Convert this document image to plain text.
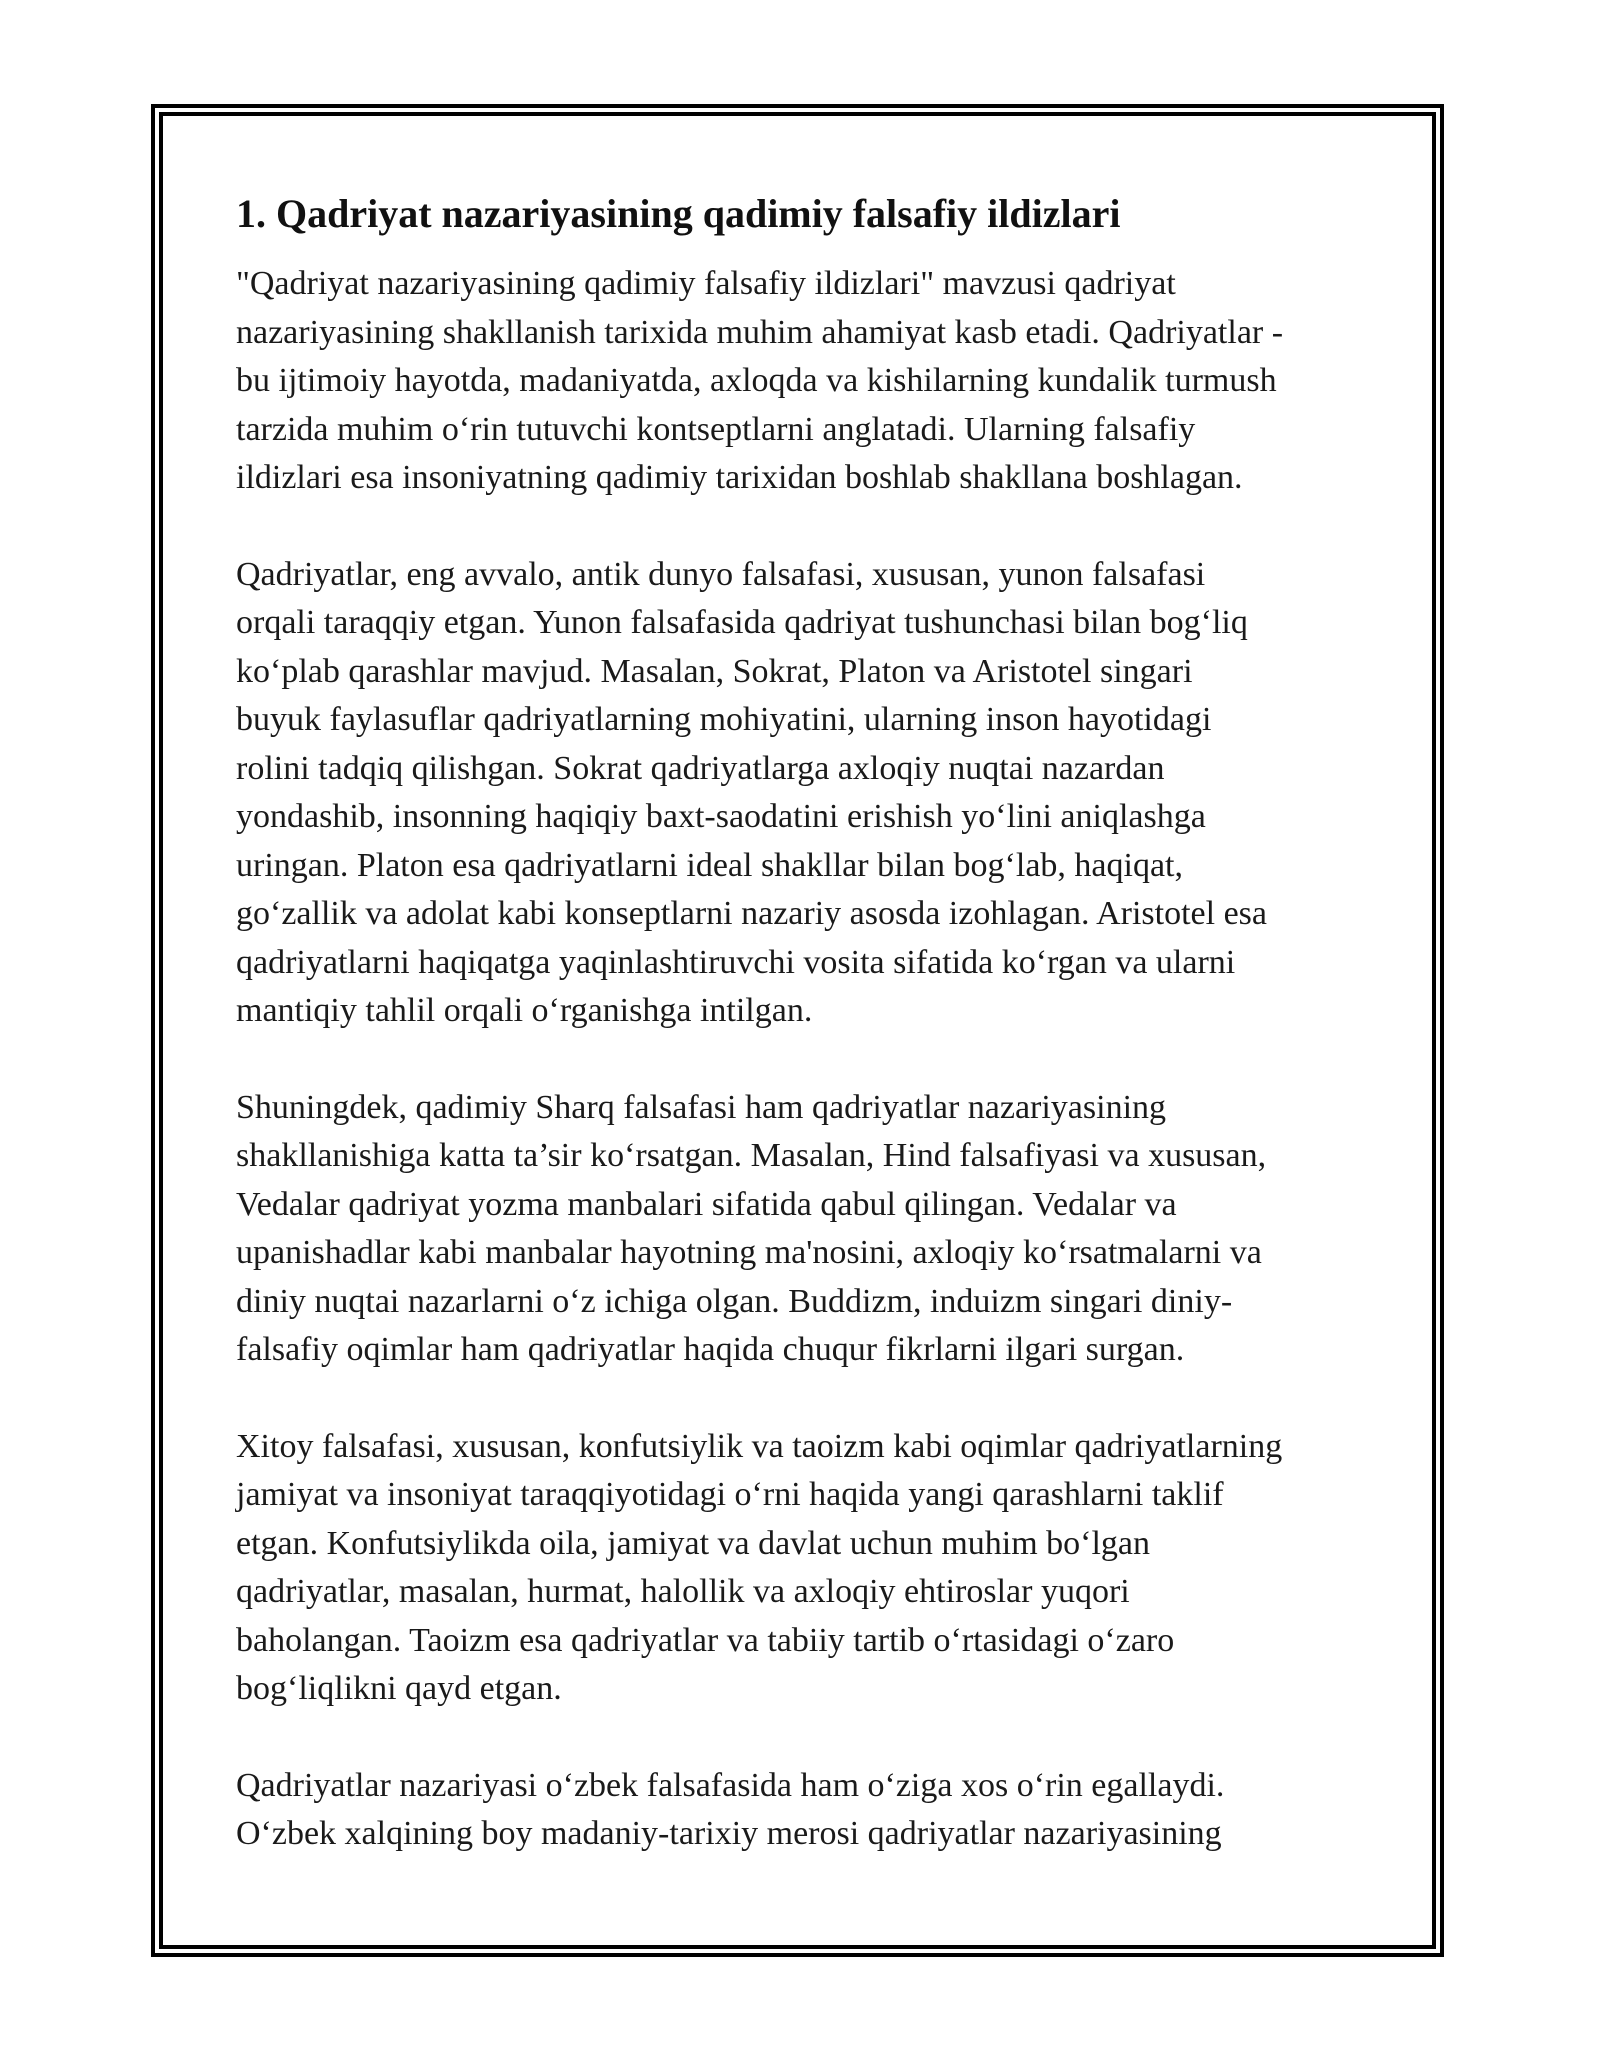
1. Qadriyat nazariyasining qadimiy falsafiy ildizlari

"Qadriyat nazariyasining qadimiy falsafiy ildizlari" mavzusi qadriyat
nazariyasining shakllanish tarixida muhim ahamiyat kasb etadi. Qadriyatlar -
bu ijtimoiy hayotda, madaniyatda, axloqda va kishilarning kundalik turmush
tarzida muhim oʻrin tutuvchi kontseptlarni anglatadi. Ularning falsafiy
ildizlari esa insoniyatning qadimiy tarixidan boshlab shakllana boshlagan.

Qadriyatlar, eng avvalo, antik dunyo falsafasi, xususan, yunon falsafasi
orqali taraqqiy etgan. Yunon falsafasida qadriyat tushunchasi bilan bogʻliq
koʻplab qarashlar mavjud. Masalan, Sokrat, Platon va Aristotel singari
buyuk faylasuflar qadriyatlarning mohiyatini, ularning inson hayotidagi
rolini tadqiq qilishgan. Sokrat qadriyatlarga axloqiy nuqtai nazardan
yondashib, insonning haqiqiy baxt-saodatini erishish yoʻlini aniqlashga
uringan. Platon esa qadriyatlarni ideal shakllar bilan bogʻlab, haqiqat,
goʻzallik va adolat kabi konseptlarni nazariy asosda izohlagan. Aristotel esa
qadriyatlarni haqiqatga yaqinlashtiruvchi vosita sifatida koʻrgan va ularni
mantiqiy tahlil orqali oʻrganishga intilgan.

Shuningdek, qadimiy Sharq falsafasi ham qadriyatlar nazariyasining
shakllanishiga katta ta’sir koʻrsatgan. Masalan, Hind falsafiyasi va xususan,
Vedalar qadriyat yozma manbalari sifatida qabul qilingan. Vedalar va
upanishadlar kabi manbalar hayotning ma'nosini, axloqiy koʻrsatmalarni va
diniy nuqtai nazarlarni oʻz ichiga olgan. Buddizm, induizm singari diniy-
falsafiy oqimlar ham qadriyatlar haqida chuqur fikrlarni ilgari surgan.

Xitoy falsafasi, xususan, konfutsiylik va taoizm kabi oqimlar qadriyatlarning
jamiyat va insoniyat taraqqiyotidagi oʻrni haqida yangi qarashlarni taklif
etgan. Konfutsiylikda oila, jamiyat va davlat uchun muhim boʻlgan
qadriyatlar, masalan, hurmat, halollik va axloqiy ehtiroslar yuqori
baholangan. Taoizm esa qadriyatlar va tabiiy tartib oʻrtasidagi oʻzaro
bogʻliqlikni qayd etgan.

Qadriyatlar nazariyasi oʻzbek falsafasida ham oʻziga xos oʻrin egallaydi.
Oʻzbek xalqining boy madaniy-tarixiy merosi qadriyatlar nazariyasining
